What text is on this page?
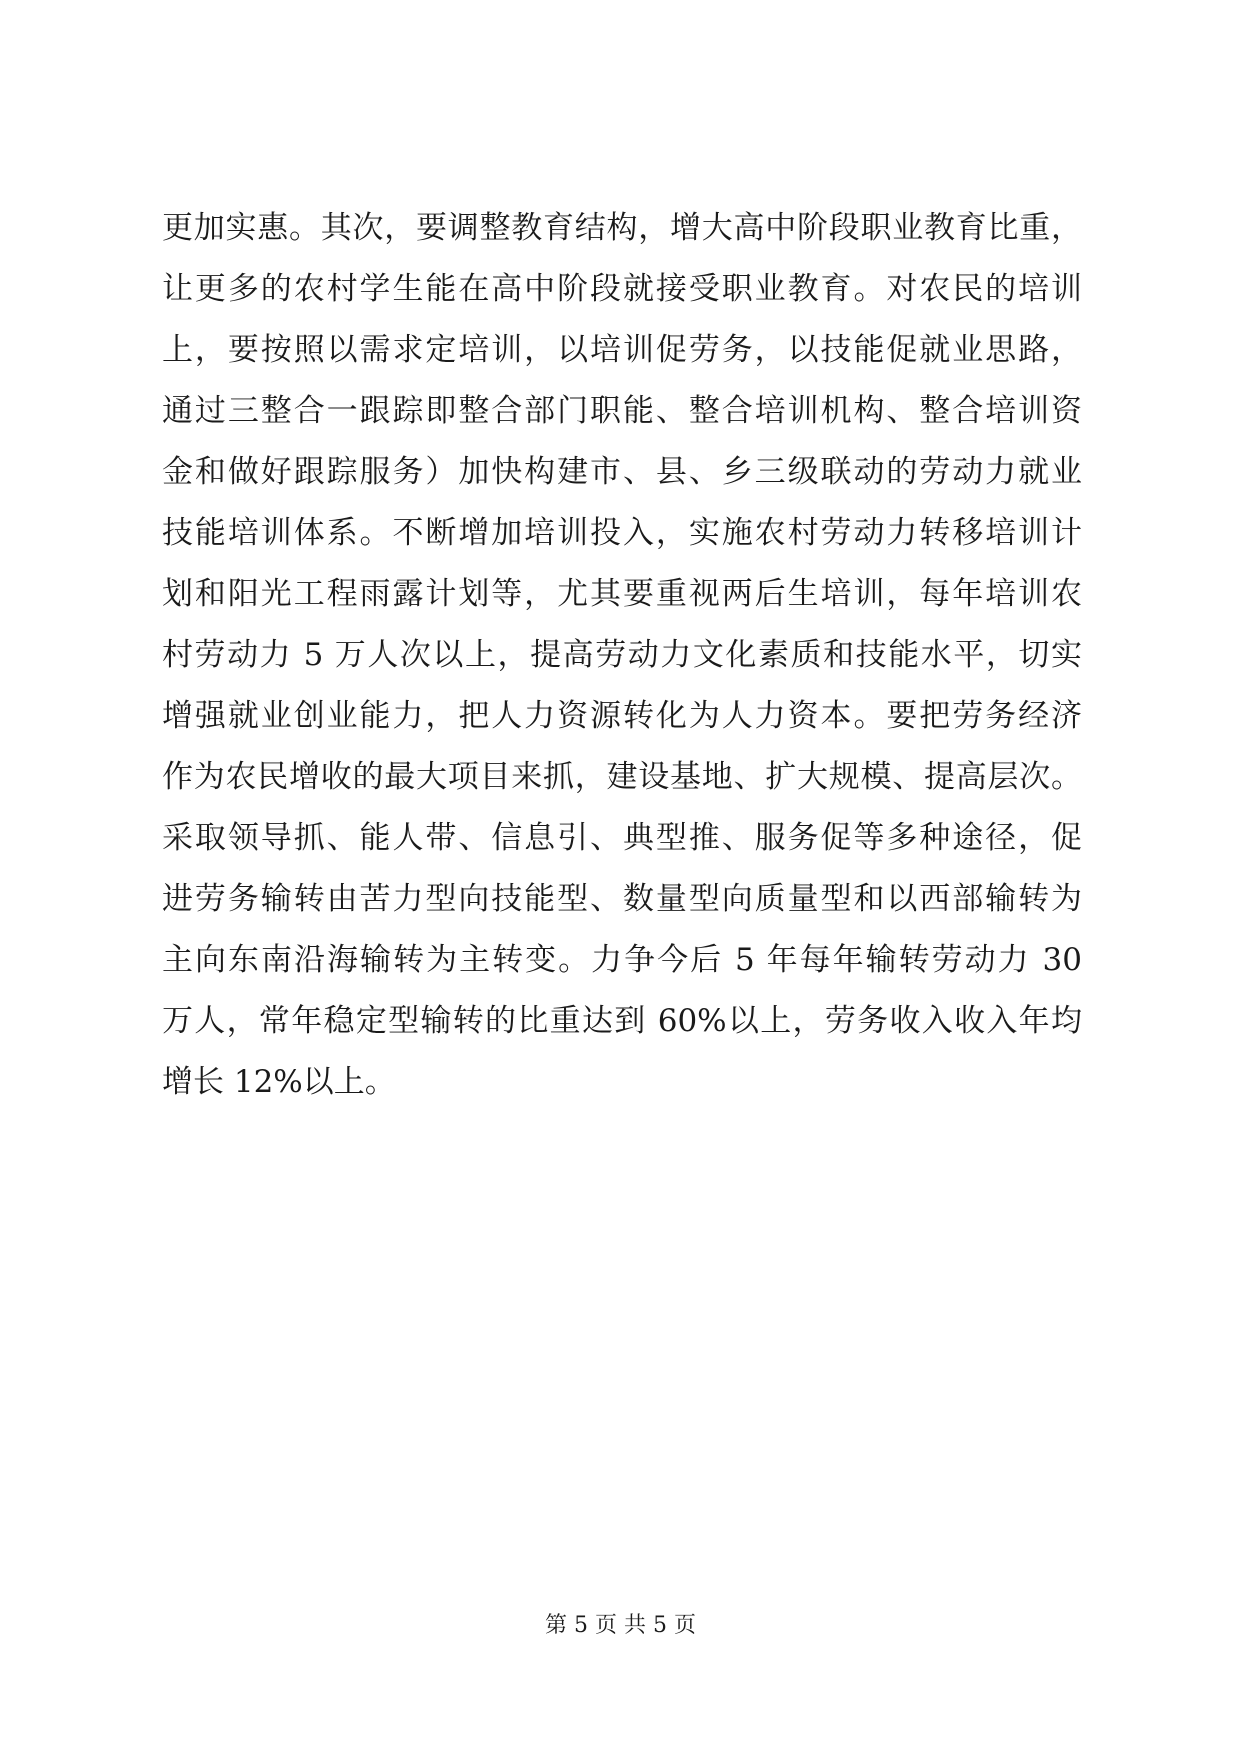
更加实惠。其次，要调整教育结构，增大高中阶段职业教育比重，
让更多的农村学生能在高中阶段就接受职业教育。对农民的培训
上，要按照以需求定培训，以培训促劳务，以技能促就业思路，
通过三整合一跟踪即整合部门职能、整合培训机构、整合培训资
金和做好跟踪服务）加快构建市、县、乡三级联动的劳动力就业
技能培训体系。不断增加培训投入，实施农村劳动力转移培训计
划和阳光工程雨露计划等，尤其要重视两后生培训，每年培训农
村劳动力 5 万人次以上，提高劳动力文化素质和技能水平，切实
增强就业创业能力，把人力资源转化为人力资本。要把劳务经济
作为农民增收的最大项目来抓，建设基地、扩大规模、提高层次。
采取领导抓、能人带、信息引、典型推、服务促等多种途径，促
进劳务输转由苦力型向技能型、数量型向质量型和以西部输转为
主向东南沿海输转为主转变。力争今后 5 年每年输转劳动力 30
万人，常年稳定型输转的比重达到 60%以上，劳务收入收入年均
增长 12%以上。
第 5 页 共 5 页
